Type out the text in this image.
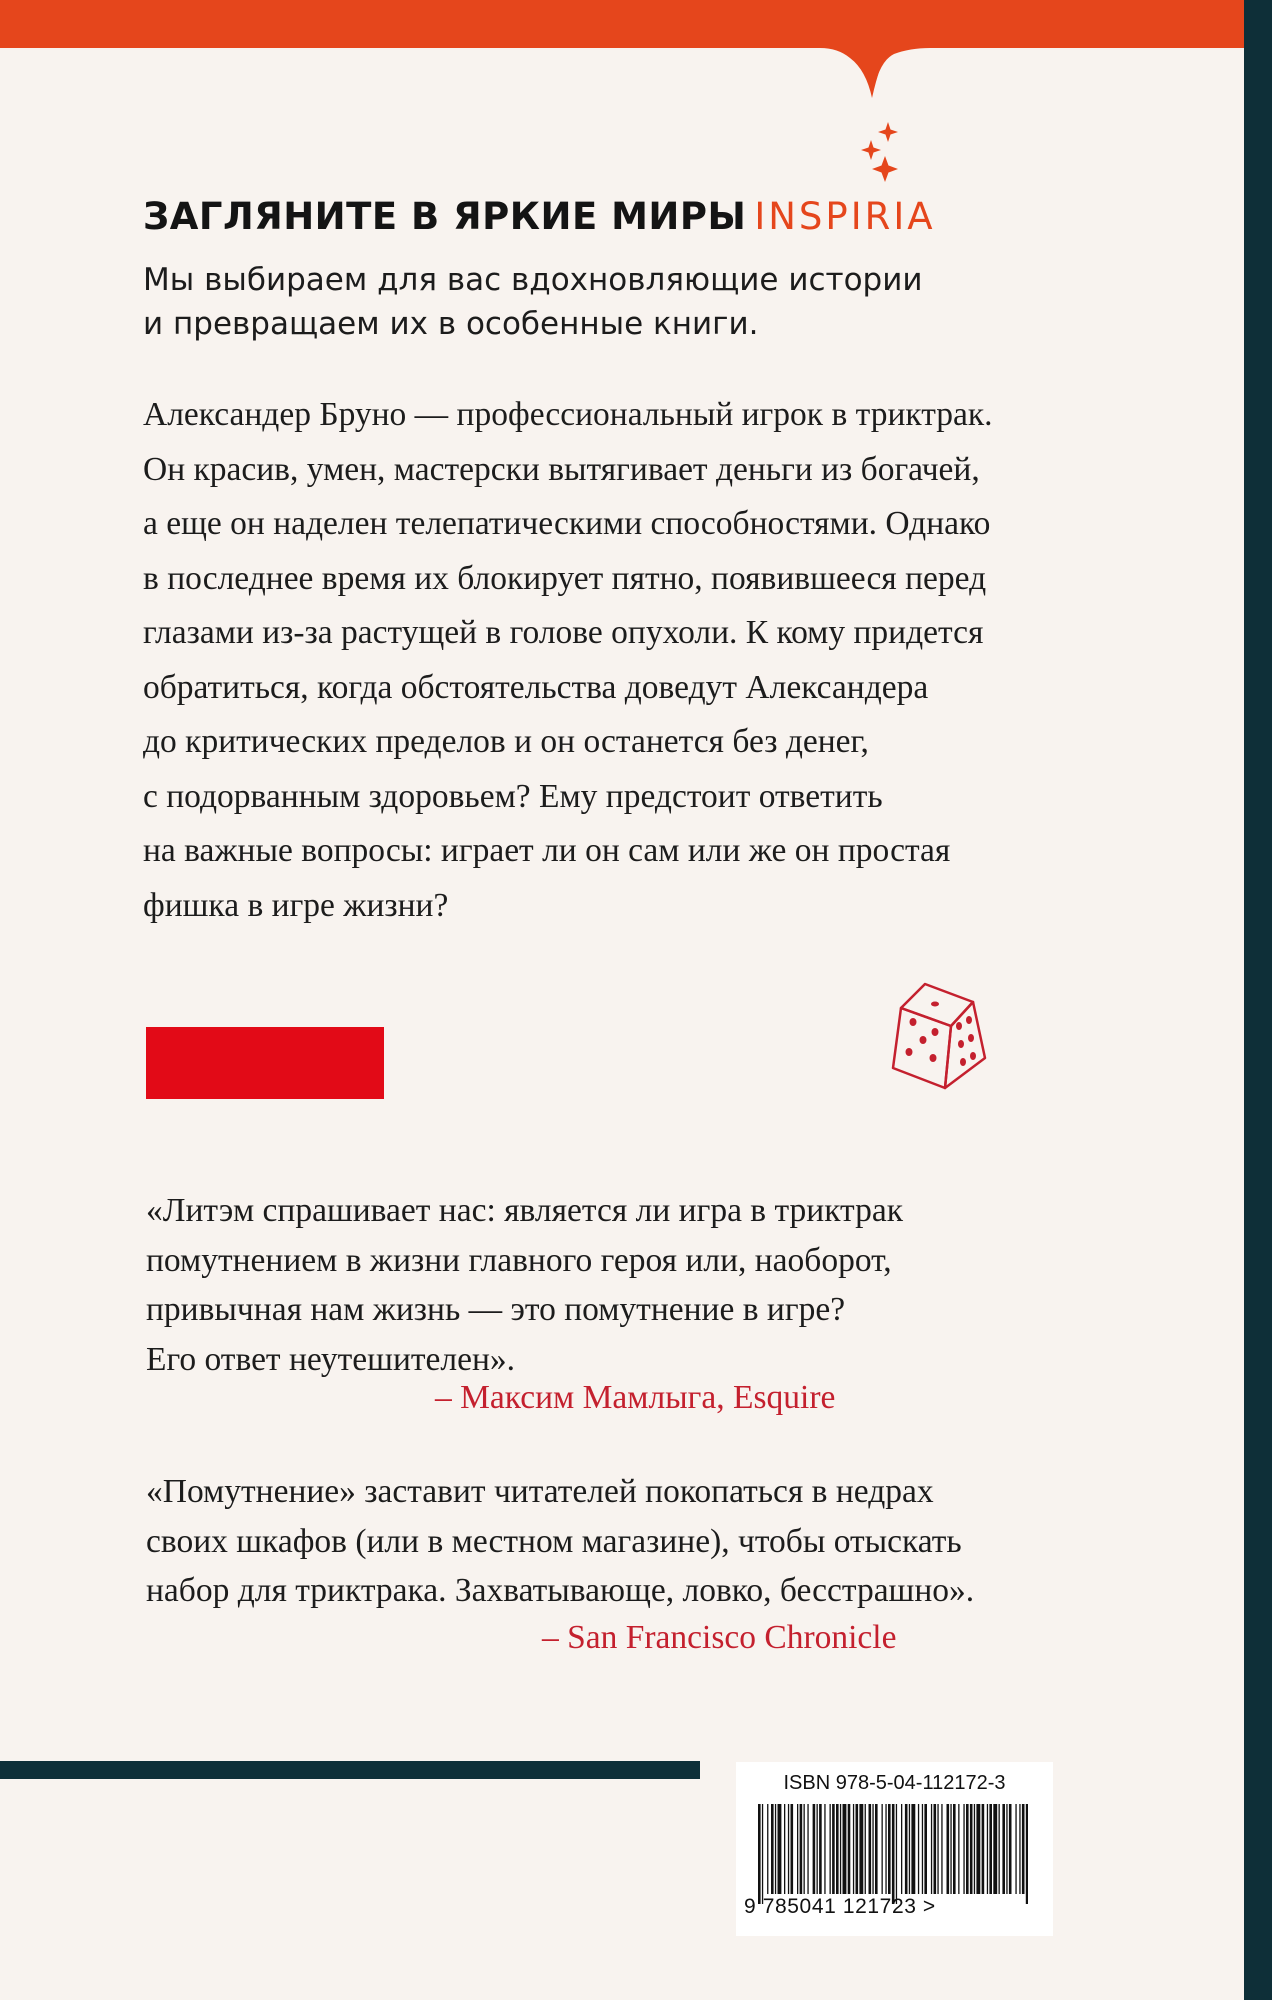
ЗАГЛЯНИТЕ В ЯРКИЕ МИРЫ INSPIRIA
Мы выбираем для вас вдохновляющие истории
и превращаем их в особенные книги.
Александер Бруно — профессиональный игрок в триктрак.
Он красив, умен, мастерски вытягивает деньги из богачей,
а еще он наделен телепатическими способностями. Однако
в последнее время их блокирует пятно, появившееся перед
глазами из-за растущей в голове опухоли. К кому придется
обратиться, когда обстоятельства доведут Александера
до критических пределов и он останется без денег,
с подорванным здоровьем? Ему предстоит ответить
на важные вопросы: играет ли он сам или же он простая
фишка в игре жизни?
«Литэм спрашивает нас: является ли игра в триктрак
помутнением в жизни главного героя или, наоборот,
привычная нам жизнь — это помутнение в игре?
Его ответ неутешителен».
– Максим Мамлыга, Esquire
«Помутнение» заставит читателей покопаться в недрах
своих шкафов (или в местном магазине), чтобы отыскать
набор для триктрака. Захватывающе, ловко, бесстрашно».
– San Francisco Chronicle
ISBN 978-5-04-112172-3
9 785041 121723 >
